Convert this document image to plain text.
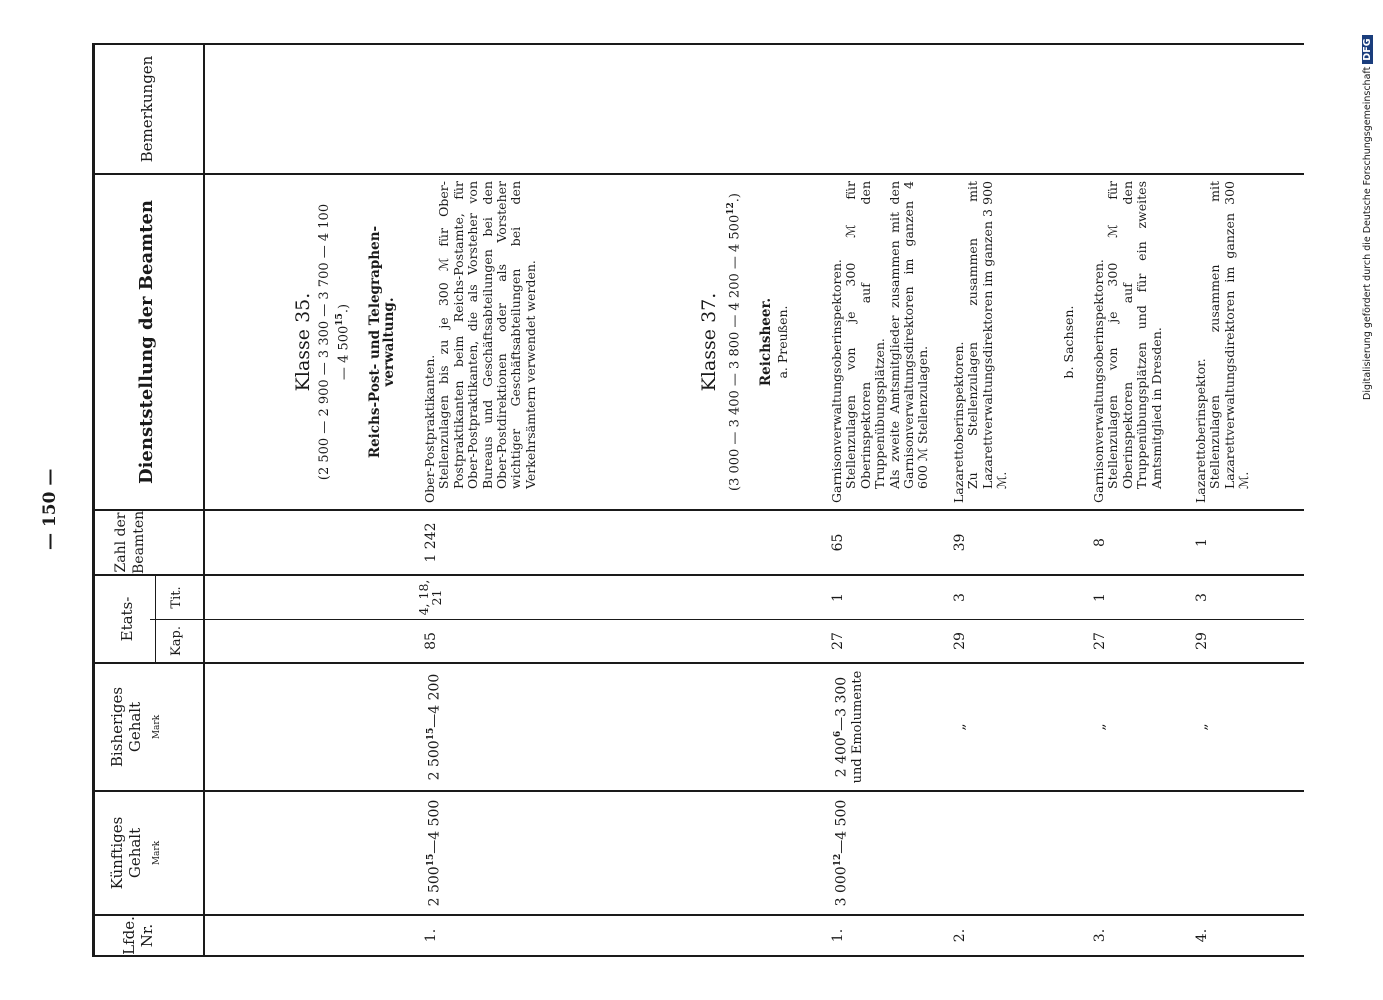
— 150 —
Lfde. Nr.
Künftiges Gehalt Mark
Bisheriges Gehalt Mark
Etats-	Kap.
Tit.
Zahl der Beamten
Dienststellung der Beamten
Bemerkungen

Klasse 35. (2 500 — 2 900 — 3 300 — 3 700 — 4 100 — 4 $500^{15}$.) Reichs-Post- und Telegraphen-verwaltung.

1.
2 $500^{15}—4$ 500
2 $500^{15}—4$ 200
85
4, 18, 21
1 242

Ober-Postpraktikanten. Stellenzulagen bis zu je 300 ℳ für Ober-Postpraktikanten beim Reichs-Postamte, für Ober-Postpraktikanten, die als Vorsteher von Bureaus und Geschäftsabteilungen bei den Ober-Postdirektionen oder als Vorsteher wichtiger Geschäftsabteilungen bei den Verkehrsämtern verwendet werden.	Klasse 37. (3 000 — 3 400 — 3 800 — 4 200 — 4 $500^{12}$.)

Reichsheer. a. Preußen.

1.
3 $000^{12}—4$ 500
2 $400^6—3$ 300 und Emolumente
27
1
65

Garnisonverwaltungsoberinspektoren. Stellenzulagen von je 300 ℳ für Oberinspektoren auf den Truppenübungsplätzen. Als zweite Amtsmitglieder zusammen mit den Garnisonverwaltungsdirektoren im ganzen 4 600 ℳ Stellenzulagen.

2.
„
29
3
39

Lazarettoberinspektoren. Zu Stellenzulagen zusammen mit Lazarettverwaltungsdirektoren im ganzen 3 900 ℳ.

b. Sachsen.
3.
„
27
1
8

Garnisonverwaltungsoberinspektoren. Stellenzulagen von je 300 ℳ für Oberinspektoren auf den Truppenübungsplätzen und für ein zweites Amtsmitglied in Dresden.

4.
„
29
3
1

Lazarettoberinspektor. Stellenzulagen zusammen mit Lazarettverwaltungsdirektoren im ganzen 300 ℳ.

Digitalisierung gefördert durch die Deutsche ForschungsgemeinschaftDFG
